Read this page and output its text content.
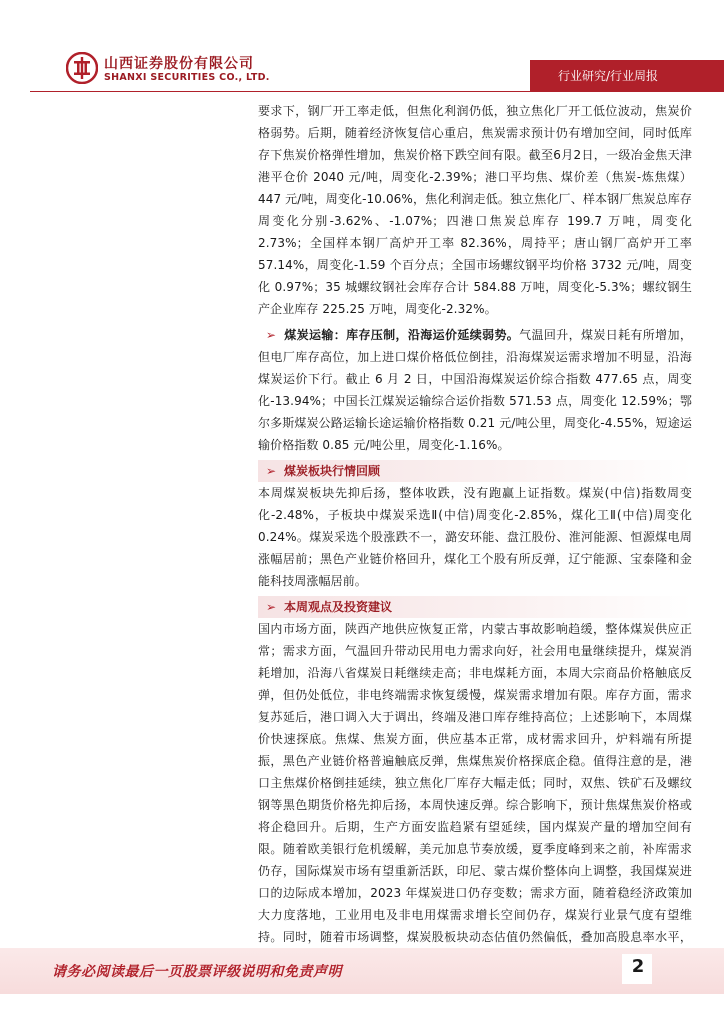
山西证券股份有限公司
SHANXI SECURITIES CO., LTD.	行业研究/行业周报

要求下，钢厂开工率走低，但焦化利润仍低，独立焦化厂开工低位波动，焦炭价格弱势。后期，随着经济恢复信心重启，焦炭需求预计仍有增加空间，同时低库存下焦炭价格弹性增加，焦炭价格下跌空间有限。截至6月2日，一级冶金焦天津港平仓价 2040 元/吨，周变化-2.39%；港口平均焦、煤价差（焦炭-炼焦煤）447 元/吨，周变化-10.06%，焦化利润走低。独立焦化厂、样本钢厂焦炭总库存周变化分别-3.62%、-1.07%；四港口焦炭总库存 199.7 万吨，周变化 2.73%；全国样本钢厂高炉开工率 82.36%，周持平；唐山钢厂高炉开工率 57.14%，周变化-1.59 个百分点；全国市场螺纹钢平均价格 3732 元/吨，周变化 0.97%；35 城螺纹钢社会库存合计 584.88 万吨，周变化-5.3%；螺纹钢生产企业库存 225.25 万吨，周变化-2.32%。

➢ 煤炭运输：库存压制，沿海运价延续弱势。气温回升，煤炭日耗有所增加，但电厂库存高位，加上进口煤价格低位倒挂，沿海煤炭运需求增加不明显，沿海煤炭运价下行。截止 6 月 2 日，中国沿海煤炭运价综合指数 477.65 点，周变化-13.94%；中国长江煤炭运输综合运价指数 571.53 点，周变化 12.59%；鄂尔多斯煤炭公路运输长途运输价格指数 0.21 元/吨公里，周变化-4.55%，短途运输价格指数 0.85 元/吨公里，周变化-1.16%。

➢ 煤炭板块行情回顾

本周煤炭板块先抑后扬，整体收跌，没有跑赢上证指数。煤炭(中信)指数周变化-2.48%，子板块中煤炭采选Ⅱ(中信)周变化-2.85%，煤化工Ⅱ(中信)周变化 0.24%。煤炭采选个股涨跌不一，潞安环能、盘江股份、淮河能源、恒源煤电周涨幅居前；黑色产业链价格回升，煤化工个股有所反弹，辽宁能源、宝泰隆和金能科技周涨幅居前。

➢ 本周观点及投资建议

国内市场方面，陕西产地供应恢复正常，内蒙古事故影响趋缓，整体煤炭供应正常；需求方面，气温回升带动民用电力需求向好，社会用电量继续提升，煤炭消耗增加，沿海八省煤炭日耗继续走高；非电煤耗方面，本周大宗商品价格触底反弹，但仍处低位，非电终端需求恢复缓慢，煤炭需求增加有限。库存方面，需求复苏延后，港口调入大于调出，终端及港口库存维持高位；上述影响下，本周煤价快速探底。焦煤、焦炭方面，供应基本正常，成材需求回升，炉料端有所提振，黑色产业链价格普遍触底反弹，焦煤焦炭价格探底企稳。值得注意的是，港口主焦煤价格倒挂延续，独立焦化厂库存大幅走低；同时，双焦、铁矿石及螺纹钢等黑色期货价格先抑后扬，本周快速反弹。综合影响下，预计焦煤焦炭价格或将企稳回升。后期，生产方面安监趋紧有望延续，国内煤炭产量的增加空间有限。随着欧美银行危机缓解，美元加息节奏放缓，夏季度峰到来之前，补库需求仍存，国际煤炭市场有望重新活跃，印尼、蒙古煤价整体向上调整，我国煤炭进口的边际成本增加，2023 年煤炭进口仍存变数；需求方面，随着稳经济政策加大力度落地，工业用电及非电用煤需求增长空间仍存，煤炭行业景气度有望维持。同时，随着市场调整，煤炭股板块动态估值仍然偏低，叠加高股息率水平，

请务必阅读最后一页股票评级说明和免责声明	2
